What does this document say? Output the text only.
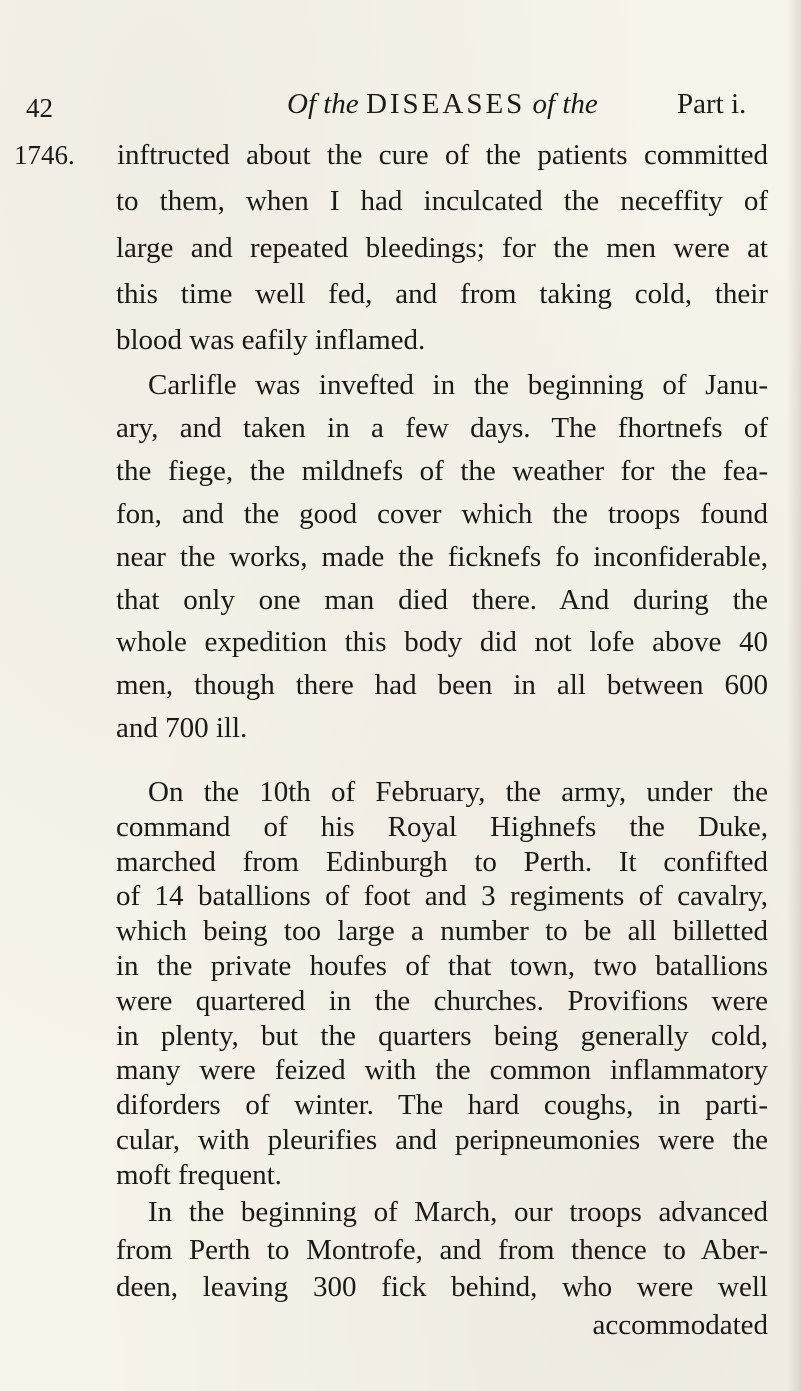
42	Of the DISEASES of the	Part i.
1746. inftructed about the cure of the patients committed
to them, when I had inculcated the neceffity of
large and repeated bleedings; for the men were at
this time well fed, and from taking cold, their
blood was eafily inflamed.
Carlifle was invefted in the beginning of Janu-
ary, and taken in a few days. The fhortnefs of
the fiege, the mildnefs of the weather for the fea-
fon, and the good cover which the troops found
near the works, made the ficknefs fo inconfiderable,
that only one man died there. And during the
whole expedition this body did not lofe above 40
men, though there had been in all between 600
and 700 ill.
On the 10th of February, the army, under the
command of his Royal Highnefs the Duke,
marched from Edinburgh to Perth. It confifted
of 14 batallions of foot and 3 regiments of cavalry,
which being too large a number to be all billetted
in the private houfes of that town, two batallions
were quartered in the churches. Provifions were
in plenty, but the quarters being generally cold,
many were feized with the common inflammatory
diforders of winter. The hard coughs, in parti-
cular, with pleurifies and peripneumonies were the
moft frequent.
In the beginning of March, our troops advanced
from Perth to Montrofe, and from thence to Aber-
deen, leaving 300 fick behind, who were well
accommodated
